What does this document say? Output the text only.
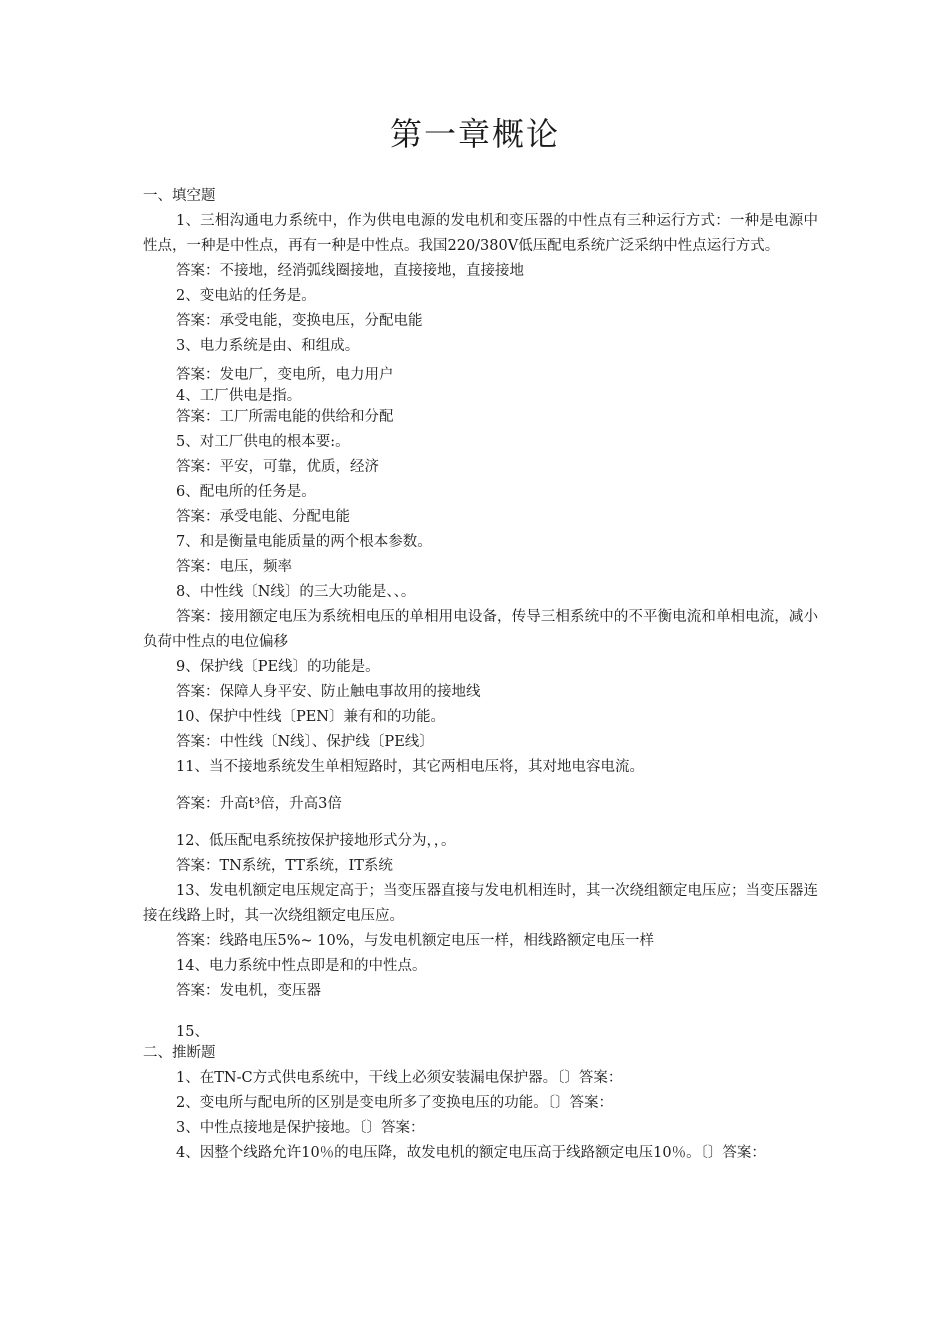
第一章概论

一、填空题

1、三相沟通电力系统中，作为供电电源的发电机和变压器的中性点有三种运行方式：一种是电源中性点，一种是中性点，再有一种是中性点。我国220/380V低压配电系统广泛采纳中性点运行方式。

答案：不接地，经消弧线圈接地，直接接地，直接接地

2、变电站的任务是。

答案：承受电能，变换电压，分配电能

3、电力系统是由、和组成。

答案：发电厂，变电所，电力用户

4、工厂供电是指。

答案：工厂所需电能的供给和分配

5、对工厂供电的根本要:。

答案：平安，可靠，优质，经济

6、配电所的任务是。

答案：承受电能、分配电能

7、和是衡量电能质量的两个根本参数。

答案：电压，频率

8、中性线〔N线〕的三大功能是、、。

答案：接用额定电压为系统相电压的单相用电设备，传导三相系统中的不平衡电流和单相电流，减小负荷中性点的电位偏移

9、保护线〔PE线〕的功能是。

答案：保障人身平安、防止触电事故用的接地线

10、保护中性线〔PEN〕兼有和的功能。

答案：中性线〔N线〕、保护线〔PE线〕

11、当不接地系统发生单相短路时，其它两相电压将，其对地电容电流。

答案：升高t³倍，升高3倍

12、低压配电系统按保护接地形式分为，，。

答案：TN系统，TT系统，IT系统

13、发电机额定电压规定高于；当变压器直接与发电机相连时，其一次绕组额定电压应；当变压器连接在线路上时，其一次绕组额定电压应。

答案：线路电压5%~ 10%，与发电机额定电压一样，相线路额定电压一样

14、电力系统中性点即是和的中性点。

答案：发电机，变压器

15、

二、推断题

1、在TN-C方式供电系统中，干线上必须安装漏电保护器。〔〕答案：

2、变电所与配电所的区别是变电所多了变换电压的功能。〔〕答案：

3、中性点接地是保护接地。〔〕答案：

4、因整个线路允许10％的电压降，故发电机的额定电压高于线路额定电压10％。〔〕答案：
